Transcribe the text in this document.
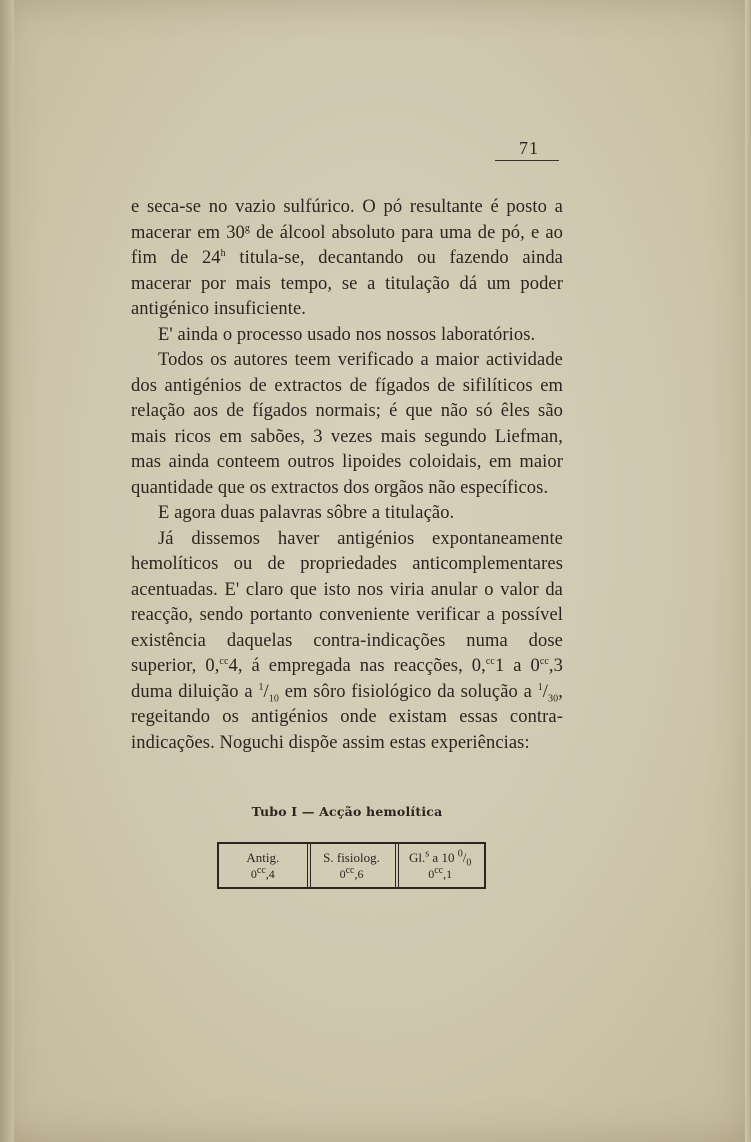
71

e seca-se no vazio sulfúrico. O pó resultante é posto a macerar em 30$^g$ de álcool absoluto para uma de pó, e ao fim de 24$^h$ titula-se, decantando ou fazendo ainda macerar por mais tempo, se a titulação dá um poder antigénico insuficiente.

E' ainda o processo usado nos nossos laboratórios.

Todos os autores teem verificado a maior actividade dos antigénios de extractos de fígados de sifilíticos em relação aos de fígados normais; é que não só êles são mais ricos em sabões, 3 vezes mais segundo Liefman, mas ainda conteem outros lipoides coloidais, em maior quantidade que os extractos dos orgãos não específicos.

E agora duas palavras sôbre a titulação.

Já dissemos haver antigénios expontaneamente hemolíticos ou de propriedades anticomplementares acentuadas. E' claro que isto nos viria anular o valor da reacção, sendo portanto conveniente verificar a possível existência daquelas contra-indicações numa dose superior, 0,$^{cc}$4, á empregada nas reacções, 0,$^{cc}$1 a $0^{cc},3$ duma diluição a $^1/_{10}$ em sôro fisiológico da solução a $^1/_{30}$, regeitando os antigénios onde existam essas contra-indicações. Noguchi dispõe assim estas experiências:

Tubo I — Acção hemolítica
Antig.
$0^{cc},4$
S. fisiolog.
$0^{cc},6$
Gl.$^s$ a 10 $^0/_0$
$0^{cc},1$
